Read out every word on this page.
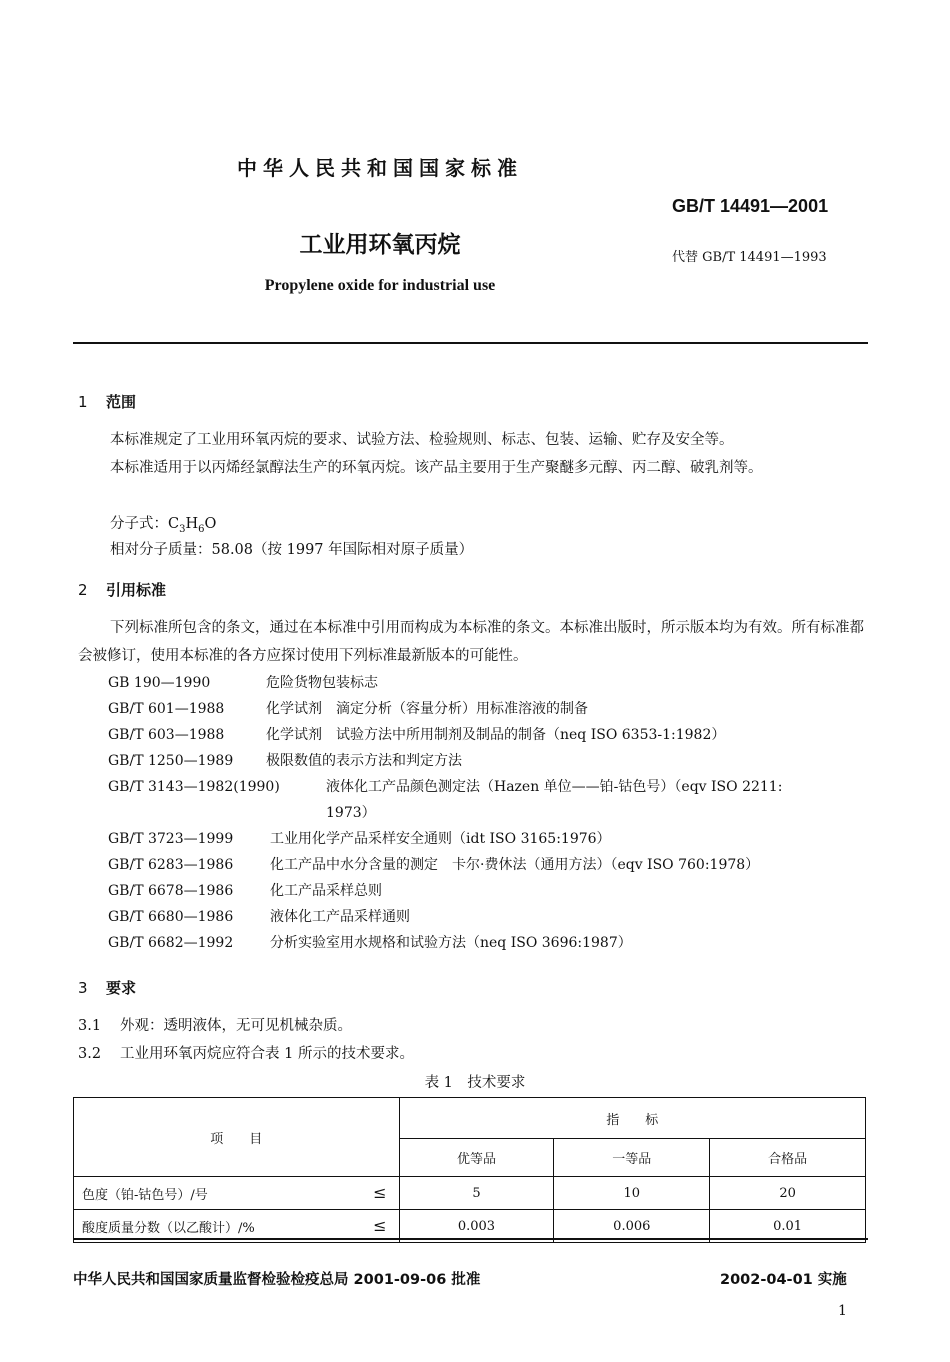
中华人民共和国国家标准
GB/T 14491—2001
工业用环氧丙烷	代替 GB/T 14491—1993
Propylene oxide for industrial use
1 范围
本标准规定了工业用环氧丙烷的要求、试验方法、检验规则、标志、包装、运输、贮存及安全等。
本标准适用于以丙烯经氯醇法生产的环氧丙烷。该产品主要用于生产聚醚多元醇、丙二醇、破乳剂等。
分子式：$C_3H_6O$
相对分子质量：58.08（按 1997 年国际相对原子质量）
2 引用标准
下列标准所包含的条文，通过在本标准中引用而构成为本标准的条文。本标准出版时，所示版本均为有效。所有标准都会被修订，使用本标准的各方应探讨使用下列标准最新版本的可能性。
GB 190—1990	危险货物包装标志
GB/T 601—1988	化学试剂　滴定分析（容量分析）用标准溶液的制备
GB/T 603—1988	化学试剂　试验方法中所用制剂及制品的制备（neq ISO 6353-1:1982）
GB/T 1250—1989 极限数值的表示方法和判定方法
GB/T 3143—1982(1990)	液体化工产品颜色测定法（Hazen 单位——铂-钴色号）（eqv ISO 2211:
1973）
GB/T 3723—1999	工业用化学产品采样安全通则（idt ISO 3165:1976）
GB/T 6283—1986	化工产品中水分含量的测定　卡尔·费休法（通用方法）（eqv ISO 760:1978）
GB/T 6678—1986	化工产品采样总则
GB/T 6680—1986	液体化工产品采样通则
GB/T 6682—1992	分析实验室用水规格和试验方法（neq ISO 3696:1987）
3 要求
3.1 外观：透明液体，无可见机械杂质。
3.2 工业用环氧丙烷应符合表 1 所示的技术要求。
表 1　技术要求
项　　目	指　　标		
	优等品	一等品	合格品
色度（铂-钴色号）/号 ≤	5	10	20
酸度质量分数（以乙酸计）/% ≤	0.003	0.006	0.01
中华人民共和国国家质量监督检验检疫总局 2001-09-06 批准	2002-04-01 实施
1
